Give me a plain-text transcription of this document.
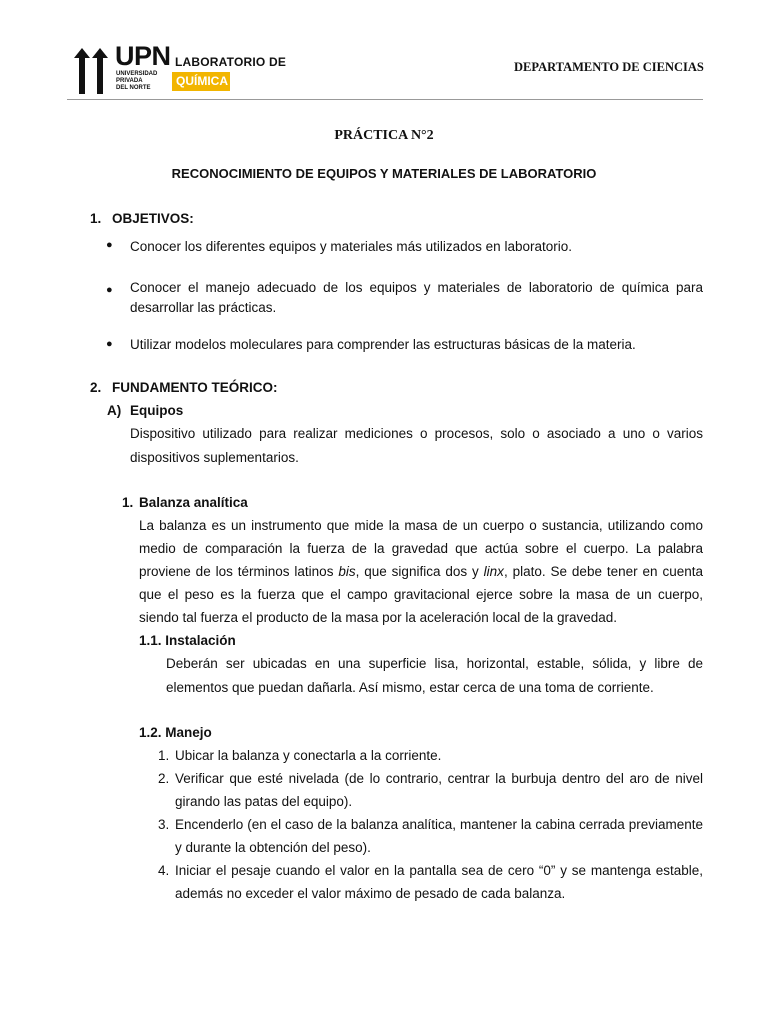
UPN
UNIVERSIDAD
PRIVADA
DEL NORTE
LABORATORIO DE
QUÍMICA 1
DEPARTAMENTO DE CIENCIAS
PRÁCTICA N°2
RECONOCIMIENTO DE EQUIPOS Y MATERIALES DE LABORATORIO
1. OBJETIVOS:
● Conocer los diferentes equipos y materiales más utilizados en laboratorio.
● Conocer el manejo adecuado de los equipos y materiales de laboratorio de química para desarrollar las prácticas.
● Utilizar modelos moleculares para comprender las estructuras básicas de la materia.
2. FUNDAMENTO TEÓRICO:
A) Equipos
Dispositivo utilizado para realizar mediciones o procesos, solo o asociado a uno o varios dispositivos suplementarios.
1. Balanza analítica
La balanza es un instrumento que mide la masa de un cuerpo o sustancia, utilizando como medio de comparación la fuerza de la gravedad que actúa sobre el cuerpo. La palabra proviene de los términos latinos bis, que significa dos y linx, plato. Se debe tener en cuenta que el peso es la fuerza que el campo gravitacional ejerce sobre la masa de un cuerpo, siendo tal fuerza el producto de la masa por la aceleración local de la gravedad.
1.1. Instalación
Deberán ser ubicadas en una superficie lisa, horizontal, estable, sólida, y libre de elementos que puedan dañarla. Así mismo, estar cerca de una toma de corriente.
1.2. Manejo
1. Ubicar la balanza y conectarla a la corriente.
2. Verificar que esté nivelada (de lo contrario, centrar la burbuja dentro del aro de nivel girando las patas del equipo).
3. Encenderlo (en el caso de la balanza analítica, mantener la cabina cerrada previamente y durante la obtención del peso).
4. Iniciar el pesaje cuando el valor en la pantalla sea de cero “0” y se mantenga estable, además no exceder el valor máximo de pesado de cada balanza.
